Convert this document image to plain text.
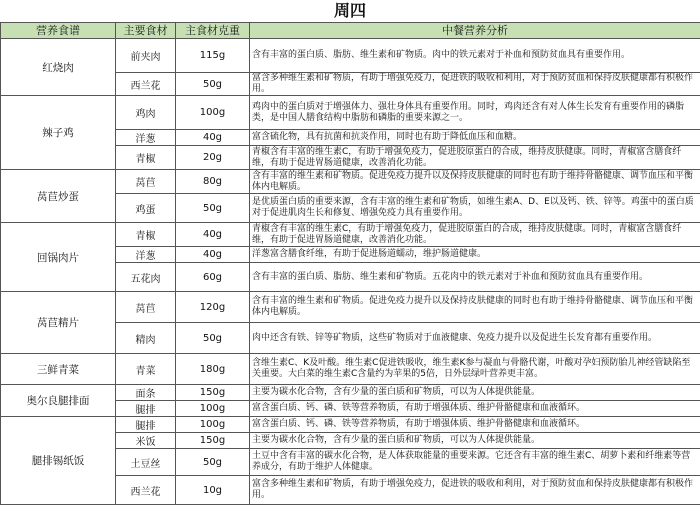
周四
营养食谱	主要食材	主食材克重	中餐营养分析
红烧肉	前夹肉	115g	含有丰富的蛋白质、脂肪、维生素和矿物质。肉中的铁元素对于补血和预防贫血具有重要作用。
	西兰花	50g	富含多种维生素和矿物质，有助于增强免疫力，促进铁的吸收和利用，对于预防贫血和保持皮肤健康都有积极作用。
辣子鸡	鸡肉	100g	鸡肉中的蛋白质对于增强体力、强壮身体具有重要作用。同时，鸡肉还含有对人体生长发育有重要作用的磷脂类，是中国人膳食结构中脂肪和磷脂的重要来源之一。
	洋葱	40g	富含硫化物，具有抗菌和抗炎作用，同时也有助于降低血压和血糖。
	青椒	20g	青椒含有丰富的维生素C，有助于增强免疫力，促进胶原蛋白的合成，维持皮肤健康。同时，青椒富含膳食纤维，有助于促进胃肠道健康，改善消化功能。
莴苣炒蛋	莴苣	80g	含有丰富的维生素和矿物质。促进免疫力提升以及保持皮肤健康的同时也有助于维持骨骼健康、调节血压和平衡体内电解质。
	鸡蛋	50g	是优质蛋白质的重要来源，含有丰富的维生素和矿物质，如维生素A、D、E以及钙、铁、锌等。鸡蛋中的蛋白质对于促进肌肉生长和修复、增强免疫力具有重要作用。
回锅肉片	青椒	40g	青椒含有丰富的维生素C，有助于增强免疫力，促进胶原蛋白的合成，维持皮肤健康。同时，青椒富含膳食纤维，有助于促进胃肠道健康，改善消化功能。
	洋葱	40g	洋葱富含膳食纤维，有助于促进肠道蠕动，维护肠道健康。
	五花肉	60g	含有丰富的蛋白质、脂肪、维生素和矿物质。五花肉中的铁元素对于补血和预防贫血具有重要作用。
莴苣精片	莴苣	120g	含有丰富的维生素和矿物质。促进免疫力提升以及保持皮肤健康的同时也有助于维持骨骼健康、调节血压和平衡体内电解质。
	精肉	50g	肉中还含有铁、锌等矿物质，这些矿物质对于血液健康、免疫力提升以及促进生长发育都有重要作用。
三鲜青菜	青菜	180g	含维生素C、K及叶酸。维生素C促进铁吸收，维生素K参与凝血与骨骼代谢，叶酸对孕妇预防胎儿神经管缺陷至关重要。大白菜的维生素C含量约为苹果的5倍，日外层绿叶营养更丰富。
奥尔良腿排面	面条	150g	主要为碳水化合物，含有少量的蛋白质和矿物质，可以为人体提供能量。
	腿排	100g	富含蛋白质、钙、磷、铁等营养物质，有助于增强体质、维护骨骼健康和血液循环。
腿排锡纸饭	腿排	100g	富含蛋白质、钙、磷、铁等营养物质，有助于增强体质、维护骨骼健康和血液循环。
	米饭	150g	主要为碳水化合物，含有少量的蛋白质和矿物质，可以为人体提供能量。
	土豆丝	50g	土豆中含有丰富的碳水化合物，是人体获取能量的重要来源。它还含有丰富的维生素C、胡萝卜素和纤维素等营养成分，有助于维护人体健康。
	西兰花	10g	富含多种维生素和矿物质，有助于增强免疫力，促进铁的吸收和利用，对于预防贫血和保持皮肤健康都有积极作用。
